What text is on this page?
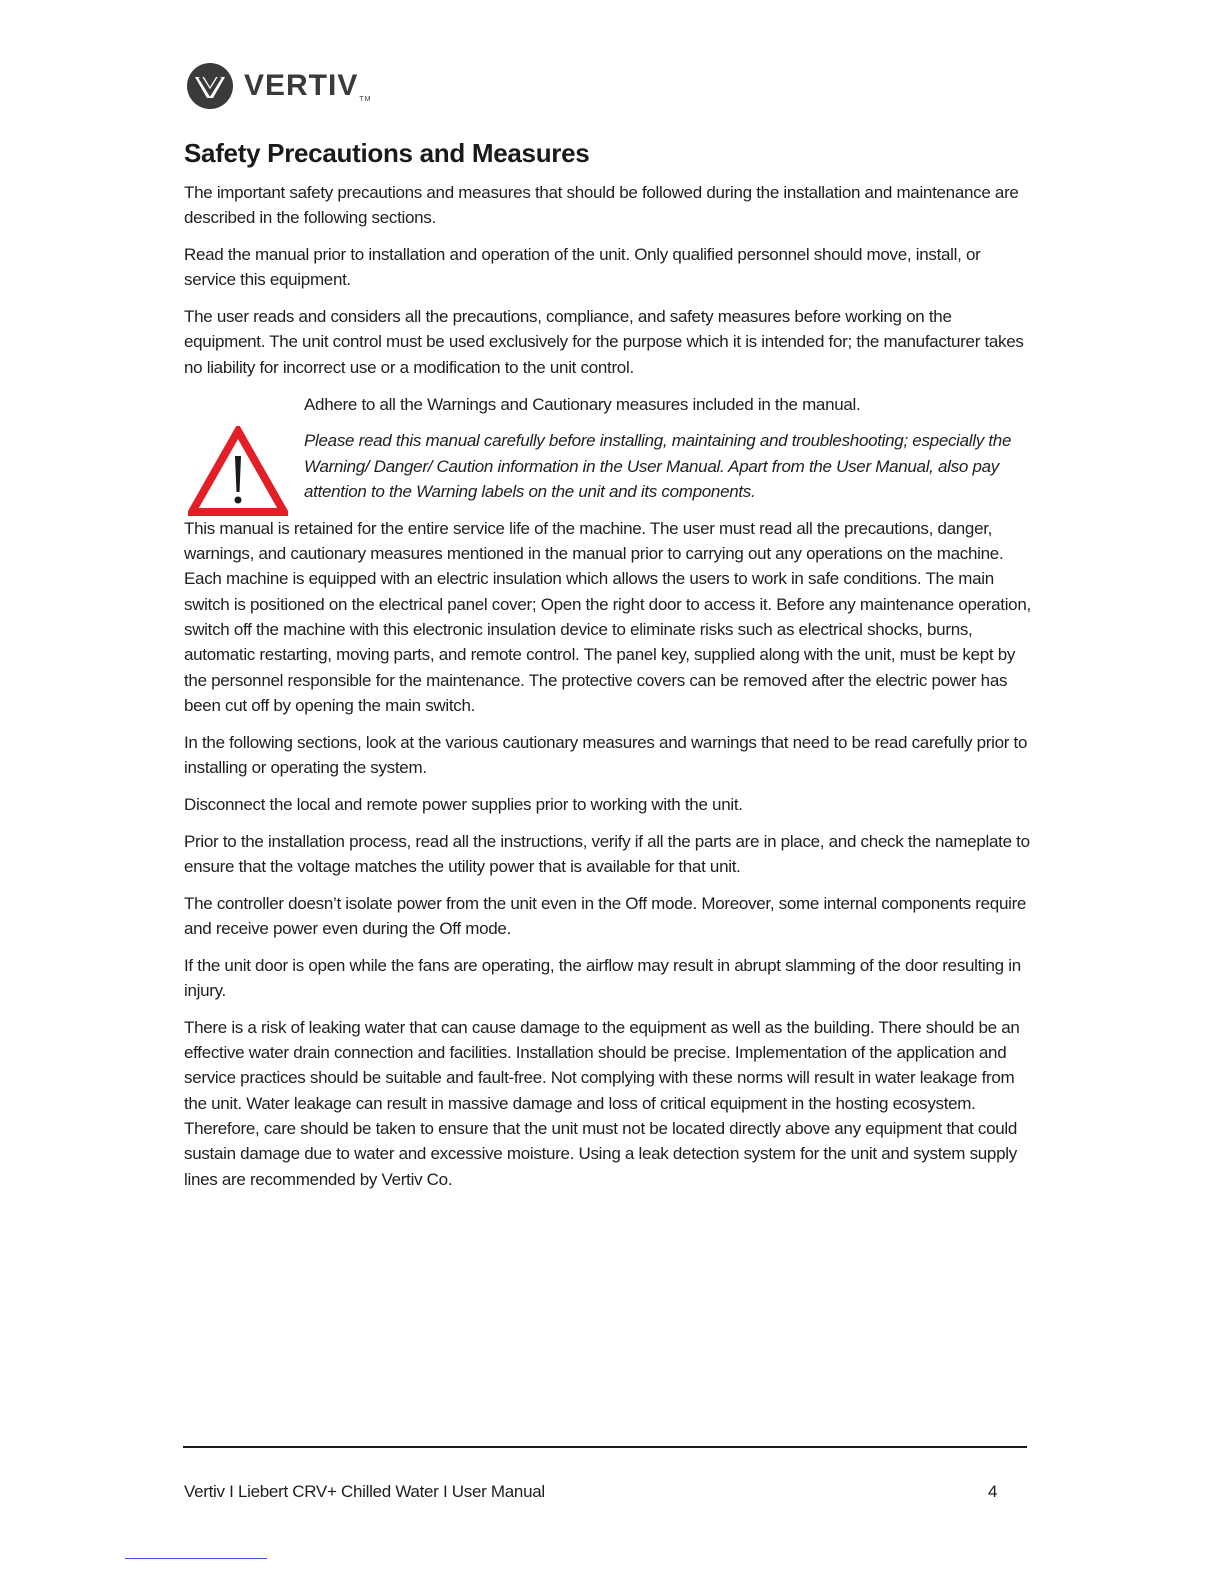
VERTIVTM
Safety Precautions and Measures

The important safety precautions and measures that should be followed during the installation and maintenance are described in the following sections.

Read the manual prior to installation and operation of the unit. Only qualified personnel should move, install, or service this equipment.

The user reads and considers all the precautions, compliance, and safety measures before working on the equipment. The unit control must be used exclusively for the purpose which it is intended for; the manufacturer takes no liability for incorrect use or a modification to the unit control.

Adhere to all the Warnings and Cautionary measures included in the manual.

Please read this manual carefully before installing, maintaining and troubleshooting; especially the Warning/ Danger/ Caution information in the User Manual. Apart from the User Manual, also pay attention to the Warning labels on the unit and its components.

This manual is retained for the entire service life of the machine. The user must read all the precautions, danger, warnings, and cautionary measures mentioned in the manual prior to carrying out any operations on the machine. Each machine is equipped with an electric insulation which allows the users to work in safe conditions. The main switch is positioned on the electrical panel cover; Open the right door to access it. Before any maintenance operation, switch off the machine with this electronic insulation device to eliminate risks such as electrical shocks, burns, automatic restarting, moving parts, and remote control. The panel key, supplied along with the unit, must be kept by the personnel responsible for the maintenance. The protective covers can be removed after the electric power has been cut off by opening the main switch.

In the following sections, look at the various cautionary measures and warnings that need to be read carefully prior to installing or operating the system.

Disconnect the local and remote power supplies prior to working with the unit.

Prior to the installation process, read all the instructions, verify if all the parts are in place, and check the nameplate to ensure that the voltage matches the utility power that is available for that unit.

The controller doesn’t isolate power from the unit even in the Off mode. Moreover, some internal components require and receive power even during the Off mode.

If the unit door is open while the fans are operating, the airflow may result in abrupt slamming of the door resulting in injury.

There is a risk of leaking water that can cause damage to the equipment as well as the building. There should be an effective water drain connection and facilities. Installation should be precise. Implementation of the application and service practices should be suitable and fault-free. Not complying with these norms will result in water leakage from the unit. Water leakage can result in massive damage and loss of critical equipment in the hosting ecosystem. Therefore, care should be taken to ensure that the unit must not be located directly above any equipment that could sustain damage due to water and excessive moisture. Using a leak detection system for the unit and system supply lines are recommended by Vertiv Co.

Vertiv I Liebert CRV+ Chilled Water I User Manual	4
